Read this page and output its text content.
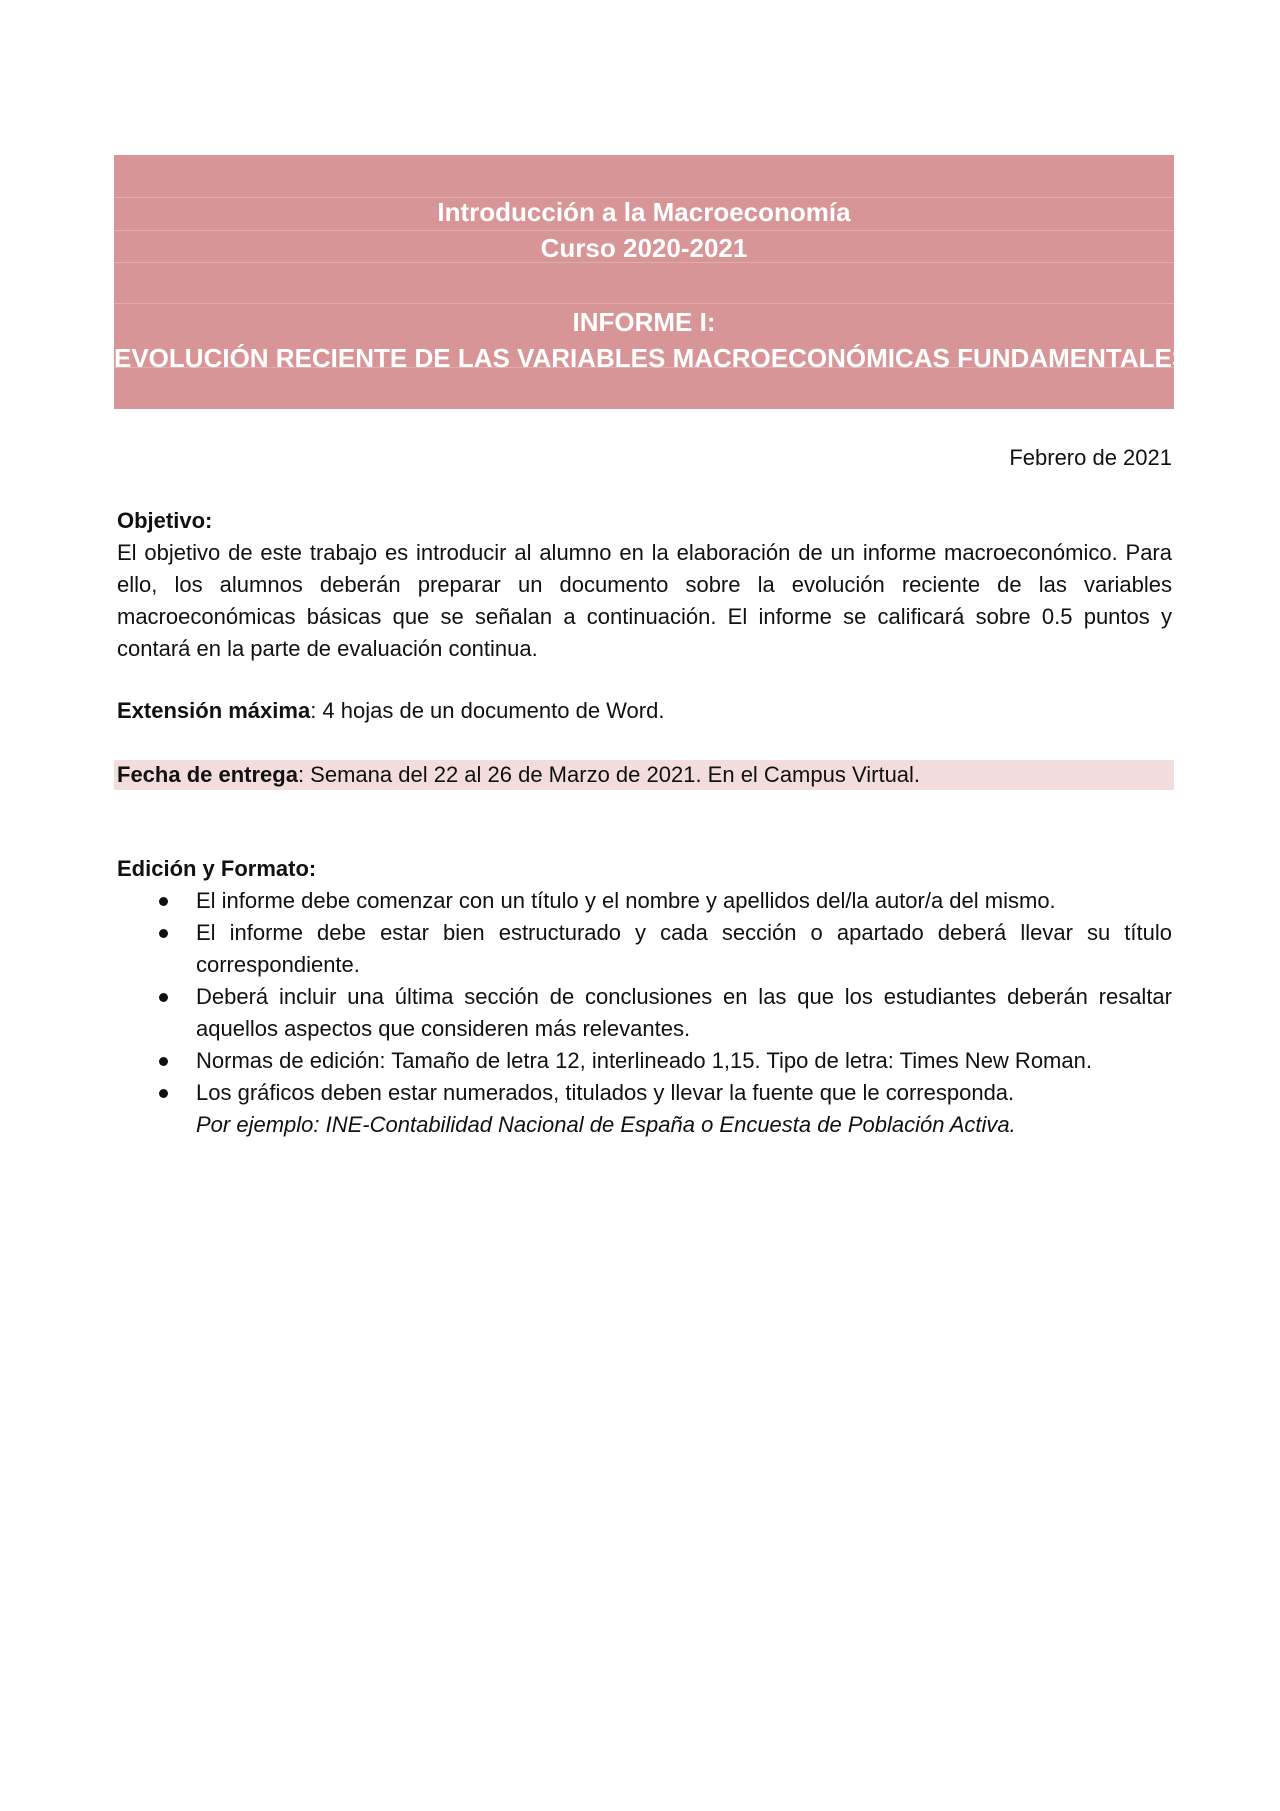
Introducción a la Macroeconomía
Curso 2020-2021
INFORME I:
EVOLUCIÓN RECIENTE DE LAS VARIABLES MACROECONÓMICAS FUNDAMENTALES
Febrero de 2021
Objetivo:
El objetivo de este trabajo es introducir al alumno en la elaboración de un informe macroeconómico. Para ello, los alumnos deberán preparar un documento sobre la evolución reciente de las variables macroeconómicas básicas que se señalan a continuación. El informe se calificará sobre 0.5 puntos y contará en la parte de evaluación continua.
Extensión máxima: 4 hojas de un documento de Word.
Fecha de entrega: Semana del 22 al 26 de Marzo de 2021. En el Campus Virtual.
Edición y Formato:
El informe debe comenzar con un título y el nombre y apellidos del/la autor/a del mismo.
El informe debe estar bien estructurado y cada sección o apartado deberá llevar su título correspondiente.
Deberá incluir una última sección de conclusiones en las que los estudiantes deberán resaltar aquellos aspectos que consideren más relevantes.
Normas de edición: Tamaño de letra 12, interlineado 1,15. Tipo de letra: Times New Roman.
Los gráficos deben estar numerados, titulados y llevar la fuente que le corresponda.
Por ejemplo: INE-Contabilidad Nacional de España o Encuesta de Población Activa.
